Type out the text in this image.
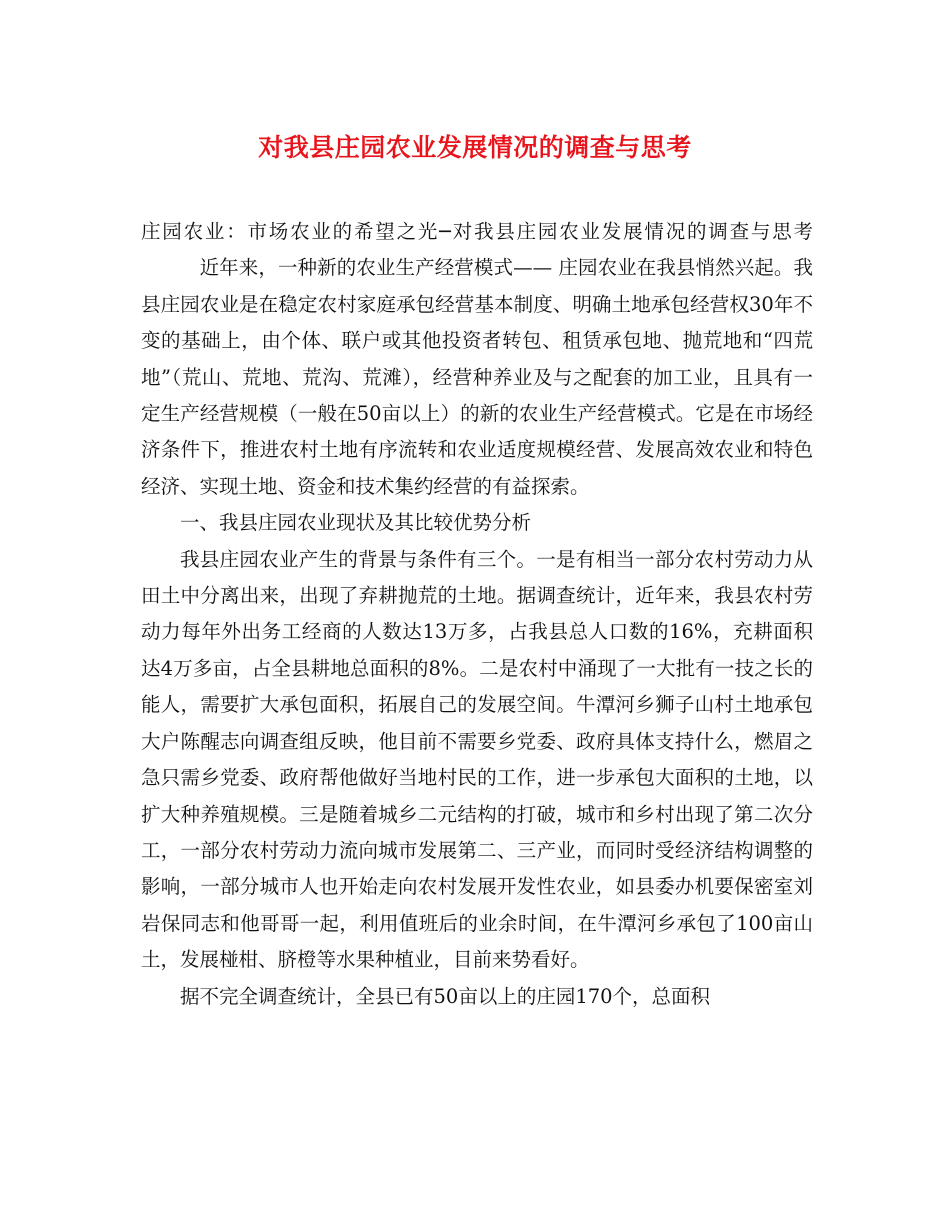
对我县庄园农业发展情况的调查与思考

庄园农业：市场农业的希望之光─对我县庄园农业发展情况的调查与思考近年来，一种新的农业生产经营模式—— 庄园农业在我县悄然兴起。我县庄园农业是在稳定农村家庭承包经营基本制度、明确土地承包经营权30年不变的基础上，由个体、联户或其他投资者转包、租赁承包地、抛荒地和“四荒地”（荒山、荒地、荒沟、荒滩），经营种养业及与之配套的加工业，且具有一定生产经营规模（一般在50亩以上）的新的农业生产经营模式。它是在市场经济条件下，推进农村土地有序流转和农业适度规模经营、发展高效农业和特色经济、实现土地、资金和技术集约经营的有益探索。

一、我县庄园农业现状及其比较优势分析

我县庄园农业产生的背景与条件有三个。一是有相当一部分农村劳动力从田土中分离出来，出现了弃耕抛荒的土地。据调查统计，近年来，我县农村劳动力每年外出务工经商的人数达13万多，占我县总人口数的16%，充耕面积达4万多亩，占全县耕地总面积的8%。二是农村中涌现了一大批有一技之长的能人，需要扩大承包面积，拓展自己的发展空间。牛潭河乡狮子山村土地承包大户陈醒志向调查组反映，他目前不需要乡党委、政府具体支持什么，燃眉之急只需乡党委、政府帮他做好当地村民的工作，进一步承包大面积的土地，以扩大种养殖规模。三是随着城乡二元结构的打破，城市和乡村出现了第二次分工，一部分农村劳动力流向城市发展第二、三产业，而同时受经济结构调整的影响，一部分城市人也开始走向农村发展开发性农业，如县委办机要保密室刘岩保同志和他哥哥一起，利用值班后的业余时间，在牛潭河乡承包了100亩山土，发展椪柑、脐橙等水果种植业，目前来势看好。

据不完全调查统计，全县已有50亩以上的庄园170个，总面积
